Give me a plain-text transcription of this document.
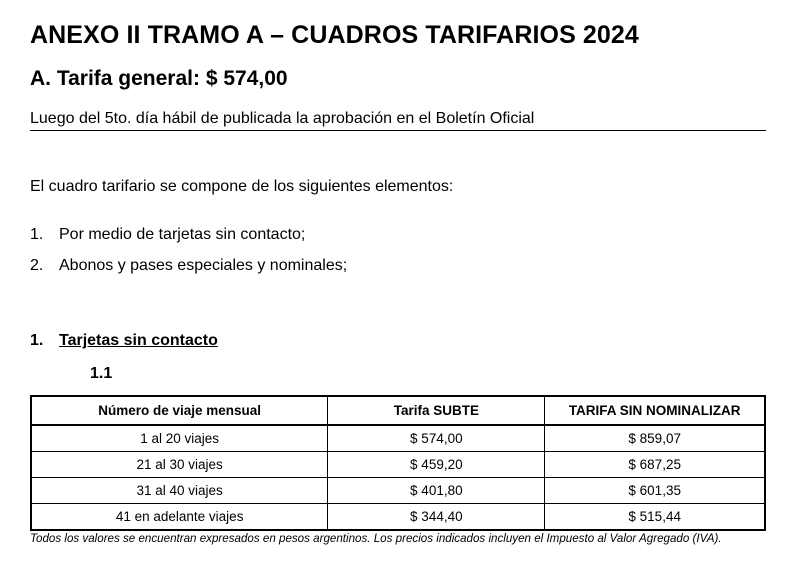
ANEXO II TRAMO A – CUADROS TARIFARIOS 2024
A. Tarifa general: $ 574,00
Luego del 5to. día hábil de publicada la aprobación en el Boletín Oficial
El cuadro tarifario se compone de los siguientes elementos:
1. Por medio de tarjetas sin contacto;
2. Abonos y pases especiales y nominales;
1. Tarjetas sin contacto
1.1
Número de viaje mensual	Tarifa SUBTE	TARIFA SIN NOMINALIZAR
1 al 20 viajes	$ 574,00	$ 859,07
21 al 30 viajes	$ 459,20	$ 687,25
31 al 40 viajes	$ 401,80	$ 601,35
41 en adelante viajes	$ 344,40	$ 515,44
Todos los valores se encuentran expresados en pesos argentinos. Los precios indicados incluyen el Impuesto al Valor Agregado (IVA).
